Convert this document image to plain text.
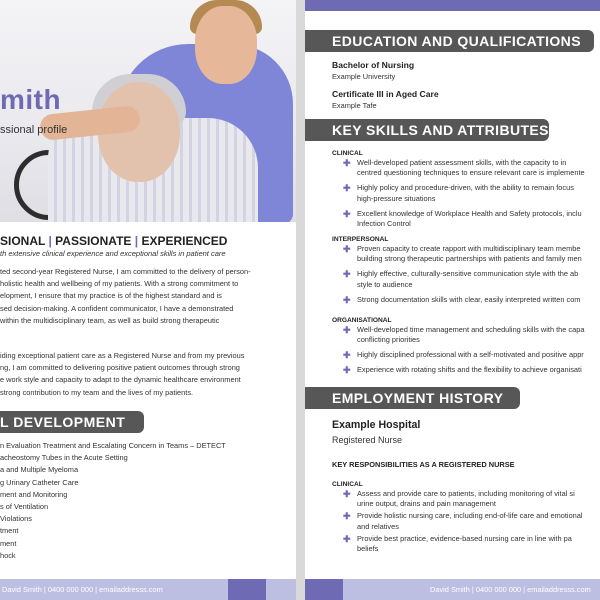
mith
ssional profile
SIONAL | PASSIONATE | EXPERIENCED
th extensive clinical experience and exceptional skills in patient care
ted second-year Registered Nurse, I am committed to the delivery of person-
holistic health and wellbeing of my patients. With a strong commitment to
elopment, I ensure that my practice is of the highest standard and is
sed decision-making. A confident communicator, I have a demonstrated
within the multidisciplinary team, as well as build strong therapeutic
iding exceptional patient care as a Registered Nurse and from my previous
ng, I am committed to delivering positive patient outcomes through strong
e work style and capacity to adapt to the dynamic healthcare environment
strong contribution to my team and the lives of my patients.
L DEVELOPMENT
n Evaluation Treatment and Escalating Concern in Teams – DETECT
acheostomy Tubes in the Acute Setting
a and Multiple Myeloma
g Urinary Catheter Care
ment and Monitoring
s of Ventilation
Violations
tment
ment
hock
David Smith | 0400 000 000 | emailaddresss.com
EDUCATION AND QUALIFICATIONS
Bachelor of Nursing
Example University
Certificate III in Aged Care
Example Tafe
KEY SKILLS AND ATTRIBUTES
CLINICAL
✚ Well-developed patient assessment skills, with the capacity to in
centred questioning techniques to ensure relevant care is implemente
✚ Highly policy and procedure-driven, with the ability to remain focus
high-pressure situations
✚ Excellent knowledge of Workplace Health and Safety protocols, inclu
Infection Control
INTERPERSONAL
✚ Proven capacity to create rapport with multidisciplinary team membe
building strong therapeutic partnerships with patients and family men
✚ Highly effective, culturally-sensitive communication style with the ab
style to audience
✚ Strong documentation skills with clear, easily interpreted written com
ORGANISATIONAL
✚ Well-developed time management and scheduling skills with the capa
conflicting priorities
✚ Highly disciplined professional with a self-motivated and positive appr
✚ Experience with rotating shifts and the flexibility to achieve organisati
EMPLOYMENT HISTORY
Example Hospital
Registered Nurse
KEY RESPONSIBILITIES AS A REGISTERED NURSE
CLINICAL
✚ Assess and provide care to patients, including monitoring of vital si
urine output, drains and pain management
✚ Provide holistic nursing care, including end-of-life care and emotional
and relatives
✚ Provide best practice, evidence-based nursing care in line with pa
beliefs
David Smith | 0400 000 000 | emailaddresss.com
